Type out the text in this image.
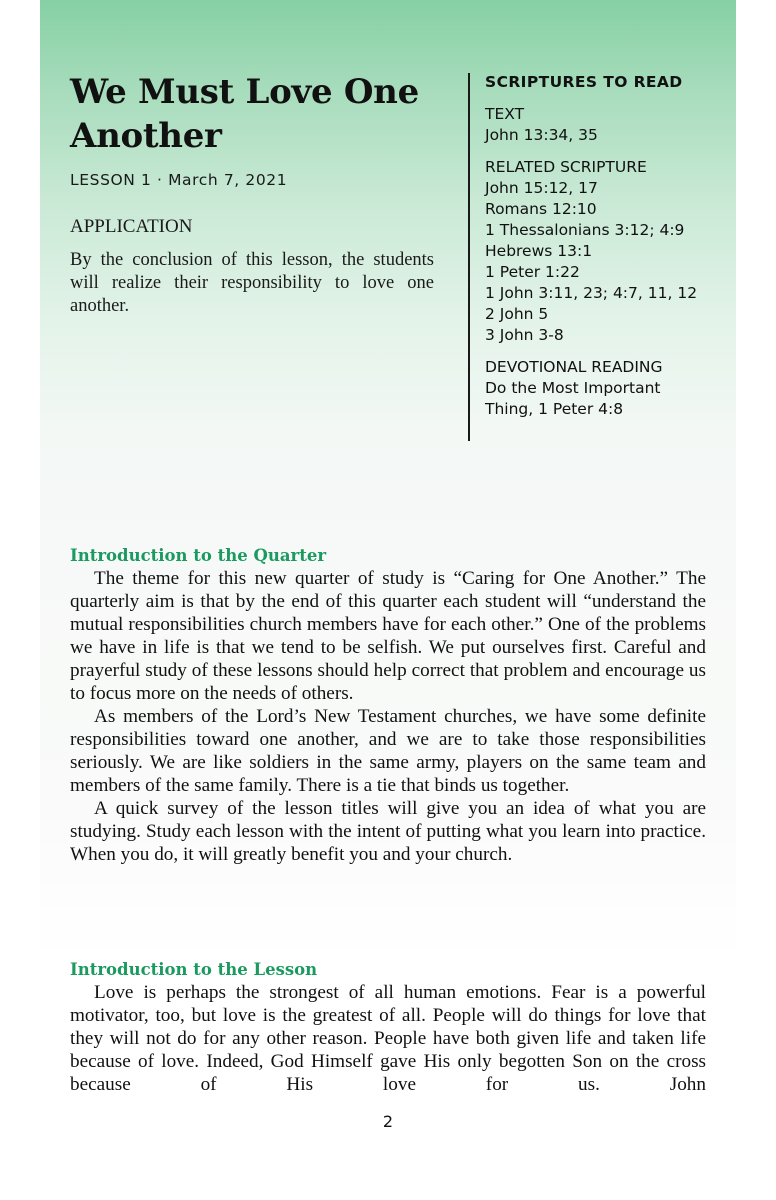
We Must Love One Another
LESSON 1 · March 7, 2021
APPLICATION

By the conclusion of this lesson, the students will realize their responsibility to love one another.

SCRIPTURES TO READ
TEXT
John 13:34, 35
RELATED SCRIPTURE
John 15:12, 17
Romans 12:10
1 Thessalonians 3:12; 4:9
Hebrews 13:1
1 Peter 1:22
1 John 3:11, 23; 4:7, 11, 12
2 John 5
3 John 3-8
DEVOTIONAL READING
Do the Most Important Thing, 1 Peter 4:8
Introduction to the Quarter

The theme for this new quarter of study is “Caring for One Another.” The quarterly aim is that by the end of this quarter each student will “understand the mutual responsibilities church members have for each other.” One of the problems we have in life is that we tend to be selfish. We put ourselves first. Careful and prayerful study of these lessons should help correct that problem and encourage us to focus more on the needs of others.

As members of the Lord’s New Testament churches, we have some definite responsibilities toward one another, and we are to take those responsibilities seriously. We are like soldiers in the same army, players on the same team and members of the same family. There is a tie that binds us together.

A quick survey of the lesson titles will give you an idea of what you are studying. Study each lesson with the intent of putting what you learn into practice. When you do, it will greatly benefit you and your church.

Introduction to the Lesson

Love is perhaps the strongest of all human emotions. Fear is a powerful motivator, too, but love is the greatest of all. People will do things for love that they will not do for any other reason. People have both given life and taken life because of love. Indeed, God Himself gave His only begotten Son on the cross because of His love for us. John

2
